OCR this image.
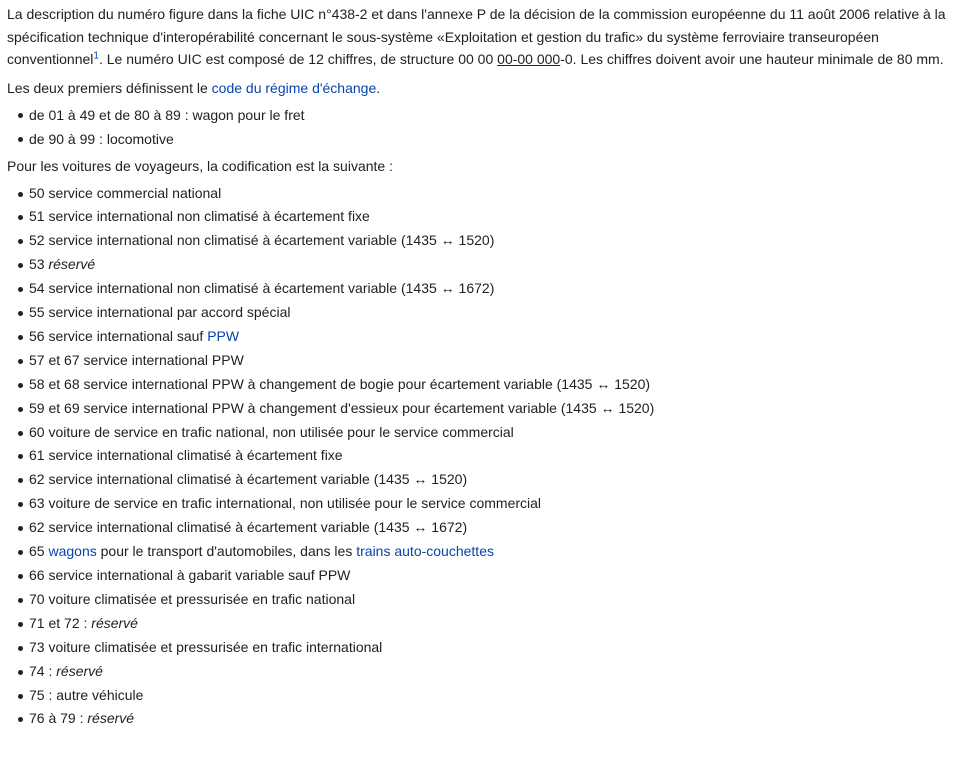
La description du numéro figure dans la fiche UIC n°438-2 et dans l'annexe P de la décision de la commission européenne du 11 août 2006 relative à la spécification technique d'interopérabilité concernant le sous-système «Exploitation et gestion du trafic» du système ferroviaire transeuropéen conventionnel$^1$. Le numéro UIC est composé de 12 chiffres, de structure 00 00 00-00 000-0. Les chiffres doivent avoir une hauteur minimale de 80 mm.

Les deux premiers définissent le code du régime d'échange.

de 01 à 49 et de 80 à 89 : wagon pour le fret
de 90 à 99 : locomotive

Pour les voitures de voyageurs, la codification est la suivante :

50 service commercial national
51 service international non climatisé à écartement fixe
52 service international non climatisé à écartement variable (1435 ↔ 1520)
53 réservé
54 service international non climatisé à écartement variable (1435 ↔ 1672)
55 service international par accord spécial
56 service international sauf PPW
57 et 67 service international PPW
58 et 68 service international PPW à changement de bogie pour écartement variable (1435 ↔ 1520)
59 et 69 service international PPW à changement d'essieux pour écartement variable (1435 ↔ 1520)
60 voiture de service en trafic national, non utilisée pour le service commercial
61 service international climatisé à écartement fixe
62 service international climatisé à écartement variable (1435 ↔ 1520)
63 voiture de service en trafic international, non utilisée pour le service commercial
62 service international climatisé à écartement variable (1435 ↔ 1672)
65 wagons pour le transport d'automobiles, dans les trains auto-couchettes
66 service international à gabarit variable sauf PPW
70 voiture climatisée et pressurisée en trafic national
71 et 72 : réservé
73 voiture climatisée et pressurisée en trafic international
74 : réservé
75 : autre véhicule
76 à 79 : réservé
